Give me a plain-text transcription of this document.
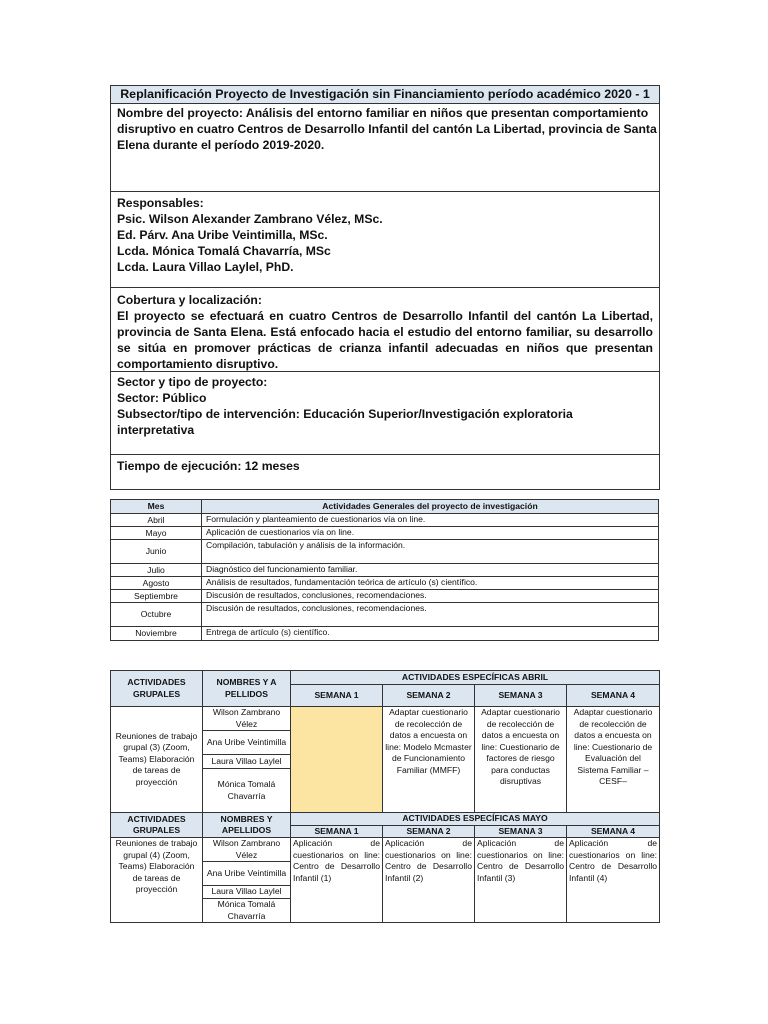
Replanificación Proyecto de Investigación sin Financiamiento período académico 2020 - 1
Nombre del proyecto: Análisis del entorno familiar en niños que presentan comportamiento
disruptivo en cuatro Centros de Desarrollo Infantil del cantón La Libertad, provincia de Santa
Elena durante el período 2019-2020.
Responsables:
Psic. Wilson Alexander Zambrano Vélez, MSc.
Ed. Párv. Ana Uribe Veintimilla, MSc.
Lcda. Mónica Tomalá Chavarría, MSc
Lcda. Laura Villao Laylel, PhD.
Cobertura y localización:
El proyecto se efectuará en cuatro Centros de Desarrollo Infantil del cantón La Libertad, provincia de Santa Elena. Está enfocado hacia el estudio del entorno familiar, su desarrollo se sitúa en promover prácticas de crianza infantil adecuadas en niños que presentan comportamiento disruptivo.
Sector y tipo de proyecto:
Sector: Público
Subsector/tipo de intervención: Educación Superior/Investigación exploratoria
interpretativa
Tiempo de ejecución: 12 meses
Mes	Actividades Generales del proyecto de investigación
Abril	Formulación y planteamiento de cuestionarios vía on line.
Mayo	Aplicación de cuestionarios vía on line.
Junio	Compilación, tabulación y análisis de la información.
Julio	Diagnóstico del funcionamiento familiar.
Agosto	Análisis de resultados, fundamentación teórica de artículo (s) científico.
Septiembre	Discusión de resultados, conclusiones, recomendaciones.
Octubre	Discusión de resultados, conclusiones, recomendaciones.
Noviembre	Entrega de artículo (s) científico.
ACTIVIDADES GRUPALES	NOMBRES Y A PELLIDOS	ACTIVIDADES ESPECÍFICAS ABRIL			
		SEMANA 1	SEMANA 2	SEMANA 3	SEMANA 4
Reuniones de trabajo grupal (3) (Zoom, Teams) Elaboración de tareas de proyección	Wilson Zambrano Vélez		Adaptar cuestionario de recolección de datos a encuesta on line: Modelo Mcmaster de Funcionamiento Familiar (MMFF)	Adaptar cuestionario de recolección de datos a encuesta on line: Cuestionario de factores de riesgo para conductas disruptivas	Adaptar cuestionario de recolección de datos a encuesta on line: Cuestionario de Evaluación del Sistema Familiar – CESF–
	Ana Uribe Veintimilla				
	Laura Villao Laylel				
	Mónica Tomalá Chavarría				
ACTIVIDADES GRUPALES	NOMBRES Y APELLIDOS	ACTIVIDADES ESPECÍFICAS MAYO			
		SEMANA 1	SEMANA 2	SEMANA 3	SEMANA 4
Reuniones de trabajo grupal (4) (Zoom, Teams) Elaboración de tareas de proyección	Wilson Zambrano Vélez	Aplicación de cuestionarios on line: Centro de Desarrollo Infantil (1)	Aplicación de cuestionarios on line: Centro de Desarrollo Infantil (2)	Aplicación de cuestionarios on line: Centro de Desarrollo Infantil (3)	Aplicación de cuestionarios on line: Centro de Desarrollo Infantil (4)
	Ana Uribe Veintimilla				
	Laura Villao Laylel				
	Mónica Tomalá Chavarría				
